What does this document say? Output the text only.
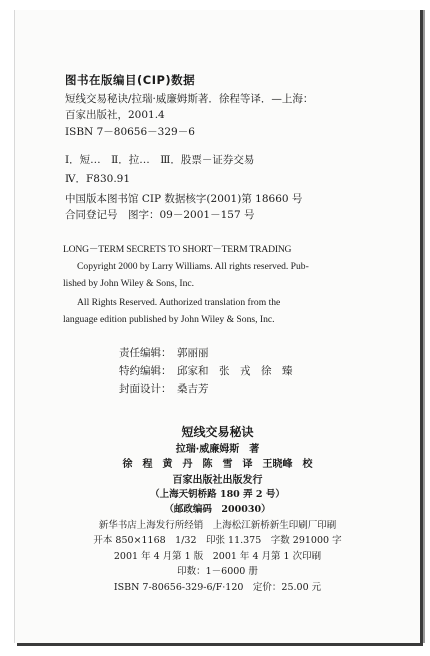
图书在版编目(CIP)数据
短线交易秘诀/拉瑞·威廉姆斯著．徐程等译．—上海：
百家出版社，2001.4
ISBN 7－80656－329－6
Ⅰ．短…　Ⅱ．拉…　Ⅲ．股票－证券交易
Ⅳ．F830.91
中国版本图书馆 CIP 数据核字(2001)第 18660 号
合同登记号　图字：09－2001－157 号
LONG－TERM SECRETS TO SHORT－TERM TRADING
Copyright 2000 by Larry Williams. All rights reserved. Pub-
lished by John Wiley & Sons, Inc.
All Rights Reserved. Authorized translation from the
language edition published by John Wiley & Sons, Inc.
责任编辑： 郭丽丽
特约编辑： 邱家和　张　戎　徐　臻
封面设计： 桑吉芳
短线交易秘诀
拉瑞·威廉姆斯　著
徐　程　黄　丹　陈　雪　译　王晓峰　校
百家出版社出版发行
（上海天钥桥路 180 弄 2 号）
（邮政编码　200030）
新华书店上海发行所经销　上海松江新桥新生印刷厂印刷
开本 850×1168　1/32　印张 11.375　字数 291000 字
2001 年 4 月第 1 版　2001 年 4 月第 1 次印刷
印数：1－6000 册
ISBN 7-80656-329-6/F·120　定价：25.00 元
